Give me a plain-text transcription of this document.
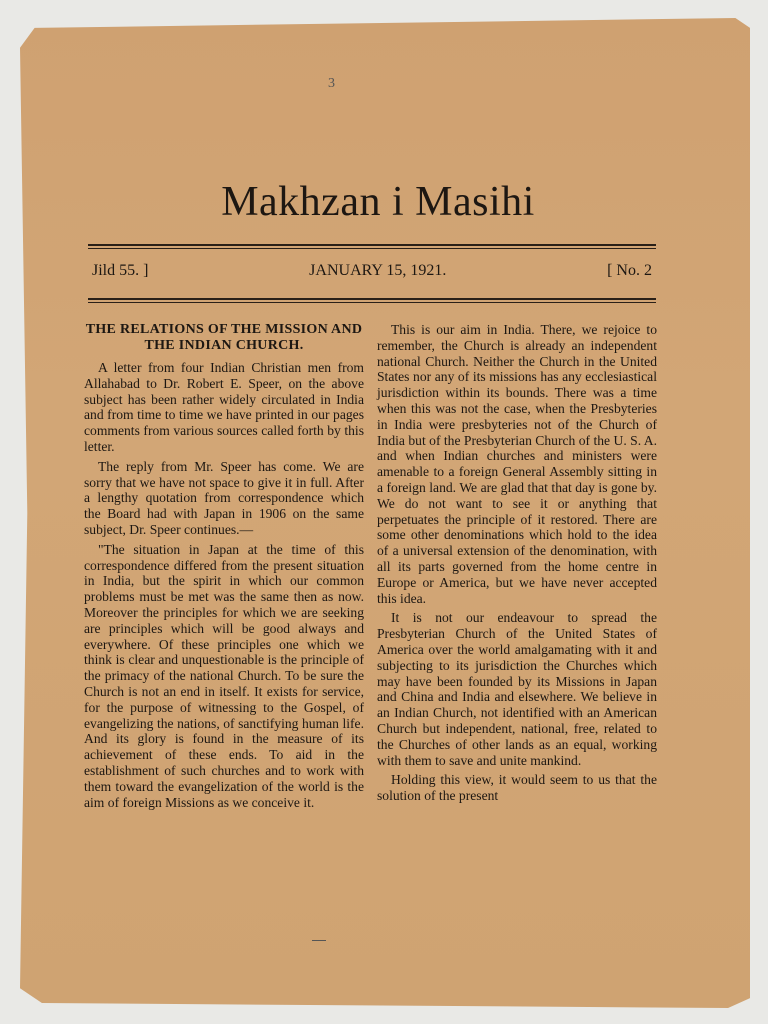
3
Makhzan i Masihi
Jild 55. ]	JANUARY 15, 1921.	[ No. 2
THE RELATIONS OF THE MISSION AND THE INDIAN CHURCH.

A letter from four Indian Christian men from Allahabad to Dr. Robert E. Speer, on the above subject has been rather widely circulated in India and from time to time we have printed in our pages comments from various sources called forth by this letter.

The reply from Mr. Speer has come. We are sorry that we have not space to give it in full. After a lengthy quotation from correspondence which the Board had with Japan in 1906 on the same subject, Dr. Speer continues.—

"The situation in Japan at the time of this correspondence differed from the present situation in India, but the spirit in which our common problems must be met was the same then as now. Moreover the principles for which we are seeking are principles which will be good always and everywhere. Of these principles one which we think is clear and unquestionable is the principle of the primacy of the national Church. To be sure the Church is not an end in itself. It exists for service, for the purpose of witnessing to the Gospel, of evangelizing the nations, of sanctifying human life. And its glory is found in the measure of its achievement of these ends. To aid in the establishment of such churches and to work with them toward the evangelization of the world is the aim of foreign Missions as we conceive it.

This is our aim in India. There, we rejoice to remember, the Church is already an independent national Church. Neither the Church in the United States nor any of its missions has any ecclesiastical jurisdiction within its bounds. There was a time when this was not the case, when the Presbyteries in India were presbyteries not of the Church of India but of the Presbyterian Church of the U. S. A. and when Indian churches and ministers were amenable to a foreign General Assembly sitting in a foreign land. We are glad that that day is gone by. We do not want to see it or anything that perpetuates the principle of it restored. There are some other denominations which hold to the idea of a universal extension of the denomination, with all its parts governed from the home centre in Europe or America, but we have never accepted this idea.

It is not our endeavour to spread the Presbyterian Church of the United States of America over the world amalgamating with it and subjecting to its jurisdiction the Churches which may have been founded by its Missions in Japan and China and India and elsewhere. We believe in an Indian Church, not identified with an American Church but independent, national, free, related to the Churches of other lands as an equal, working with them to save and unite mankind.

Holding this view, it would seem to us that the solution of the present
